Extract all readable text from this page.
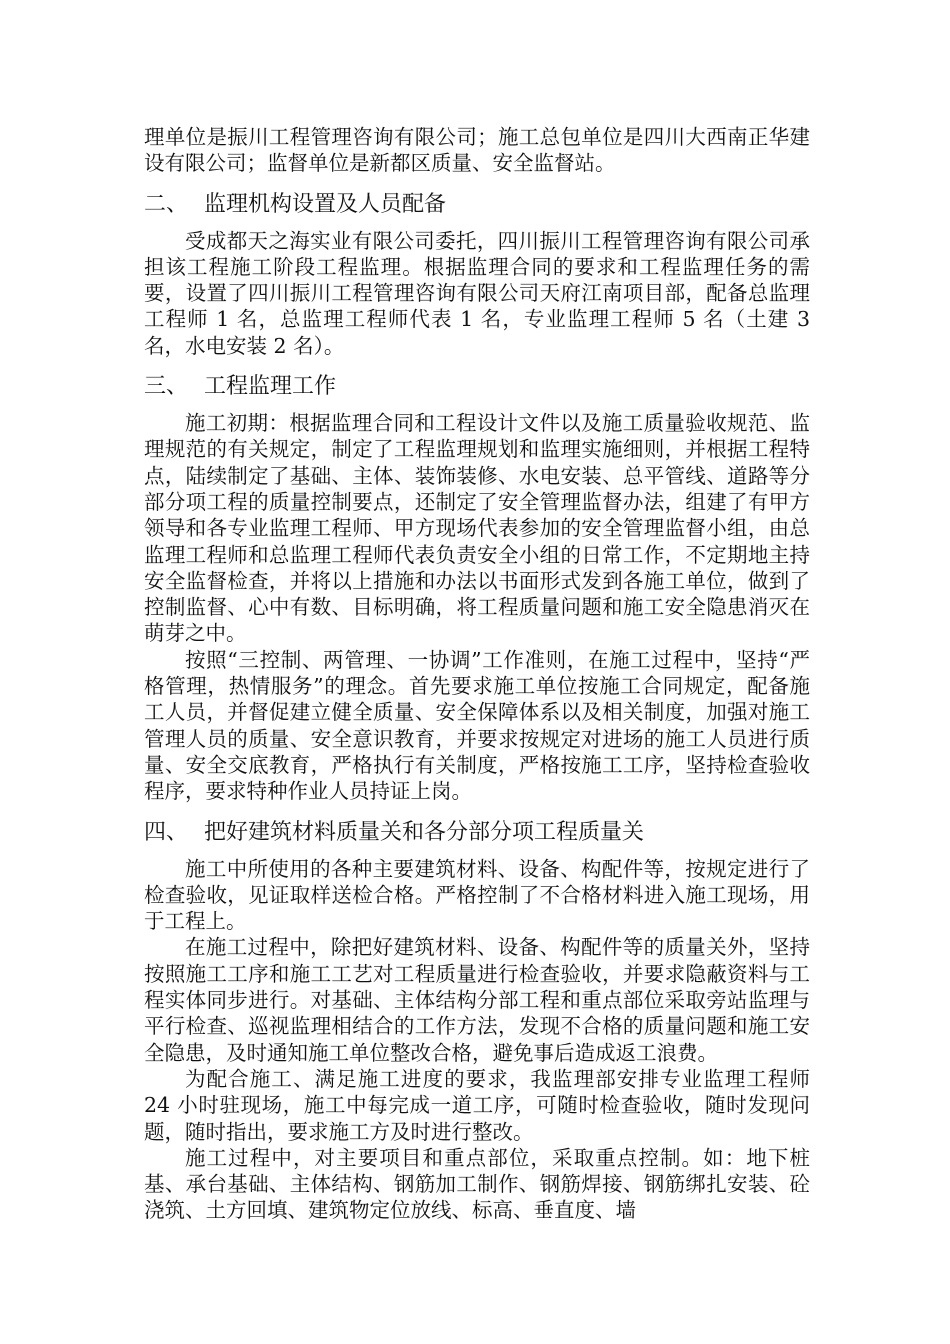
理单位是振川工程管理咨询有限公司；施工总包单位是四川大西南正华建设有限公司；监督单位是新都区质量、安全监督站。

二、 监理机构设置及人员配备

受成都天之海实业有限公司委托，四川振川工程管理咨询有限公司承担该工程施工阶段工程监理。根据监理合同的要求和工程监理任务的需要，设置了四川振川工程管理咨询有限公司天府江南项目部，配备总监理工程师 1 名，总监理工程师代表 1 名，专业监理工程师 5 名（土建 3 名，水电安装 2 名）。

三、 工程监理工作

施工初期：根据监理合同和工程设计文件以及施工质量验收规范、监理规范的有关规定，制定了工程监理规划和监理实施细则，并根据工程特点，陆续制定了基础、主体、装饰装修、水电安装、总平管线、道路等分部分项工程的质量控制要点，还制定了安全管理监督办法，组建了有甲方领导和各专业监理工程师、甲方现场代表参加的安全管理监督小组，由总监理工程师和总监理工程师代表负责安全小组的日常工作，不定期地主持安全监督检查，并将以上措施和办法以书面形式发到各施工单位，做到了控制监督、心中有数、目标明确，将工程质量问题和施工安全隐患消灭在萌芽之中。

按照“三控制、两管理、一协调”工作准则，在施工过程中，坚持“严格管理，热情服务”的理念。首先要求施工单位按施工合同规定，配备施工人员，并督促建立健全质量、安全保障体系以及相关制度，加强对施工管理人员的质量、安全意识教育，并要求按规定对进场的施工人员进行质量、安全交底教育，严格执行有关制度，严格按施工工序，坚持检查验收程序，要求特种作业人员持证上岗。

四、 把好建筑材料质量关和各分部分项工程质量关

施工中所使用的各种主要建筑材料、设备、构配件等，按规定进行了检查验收，见证取样送检合格。严格控制了不合格材料进入施工现场，用于工程上。

在施工过程中，除把好建筑材料、设备、构配件等的质量关外，坚持按照施工工序和施工工艺对工程质量进行检查验收，并要求隐蔽资料与工程实体同步进行。对基础、主体结构分部工程和重点部位采取旁站监理与平行检查、巡视监理相结合的工作方法，发现不合格的质量问题和施工安全隐患，及时通知施工单位整改合格，避免事后造成返工浪费。

为配合施工、满足施工进度的要求，我监理部安排专业监理工程师 24 小时驻现场，施工中每完成一道工序，可随时检查验收，随时发现问题，随时指出，要求施工方及时进行整改。

施工过程中，对主要项目和重点部位，采取重点控制。如：地下桩基、承台基础、主体结构、钢筋加工制作、钢筋焊接、钢筋绑扎安装、砼浇筑、土方回填、建筑物定位放线、标高、垂直度、墙
